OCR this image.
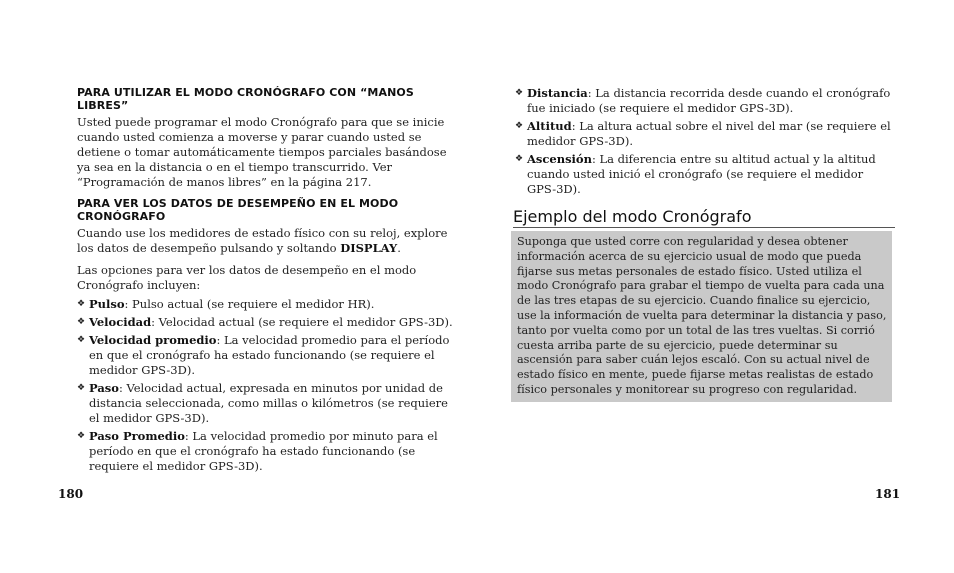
PARA UTILIZAR EL MODO CRONÓGRAFO CON “MANOS LIBRES”

Usted puede programar el modo Cronógrafo para que se inicie cuando usted comienza a moverse y parar cuando usted se detiene o tomar automáticamente tiempos parciales basándose ya sea en la distancia o en el tiempo transcurrido. Ver “Programación de manos libres” en la página 217.

PARA VER LOS DATOS DE DESEMPEÑO EN EL MODO CRONÓGRAFO

Cuando use los medidores de estado físico con su reloj, explore los datos de desempeño pulsando y soltando DISPLAY.

Las opciones para ver los datos de desempeño en el modo Cronógrafo incluyen:

❖ Pulso: Pulso actual (se requiere el medidor HR).
❖ Velocidad: Velocidad actual (se requiere el medidor GPS-3D).
❖ Velocidad promedio: La velocidad promedio para el período en que el cronógrafo ha estado funcionando (se requiere el medidor GPS-3D).
❖ Paso: Velocidad actual, expresada en minutos por unidad de distancia seleccionada, como millas o kilómetros (se requiere el medidor GPS-3D).
❖ Paso Promedio: La velocidad promedio por minuto para el período en que el cronógrafo ha estado funcionando (se requiere el medidor GPS-3D).
❖ Distancia: La distancia recorrida desde cuando el cronógrafo fue iniciado (se requiere el medidor GPS-3D).
❖ Altitud: La altura actual sobre el nivel del mar (se requiere el medidor GPS-3D).
❖ Ascensión: La diferencia entre su altitud actual y la altitud cuando usted inició el cronógrafo (se requiere el medidor GPS-3D).
Ejemplo del modo Cronógrafo
Suponga que usted corre con regularidad y desea obtener información acerca de su ejercicio usual de modo que pueda fijarse sus metas personales de estado físico. Usted utiliza el modo Cronógrafo para grabar el tiempo de vuelta para cada una de las tres etapas de su ejercicio. Cuando finalice su ejercicio, use la información de vuelta para determinar la distancia y paso, tanto por vuelta como por un total de las tres vueltas. Si corrió cuesta arriba parte de su ejercicio, puede determinar su ascensión para saber cuán lejos escaló. Con su actual nivel de estado físico en mente, puede fijarse metas realistas de estado físico personales y monitorear su progreso con regularidad.
180	181
